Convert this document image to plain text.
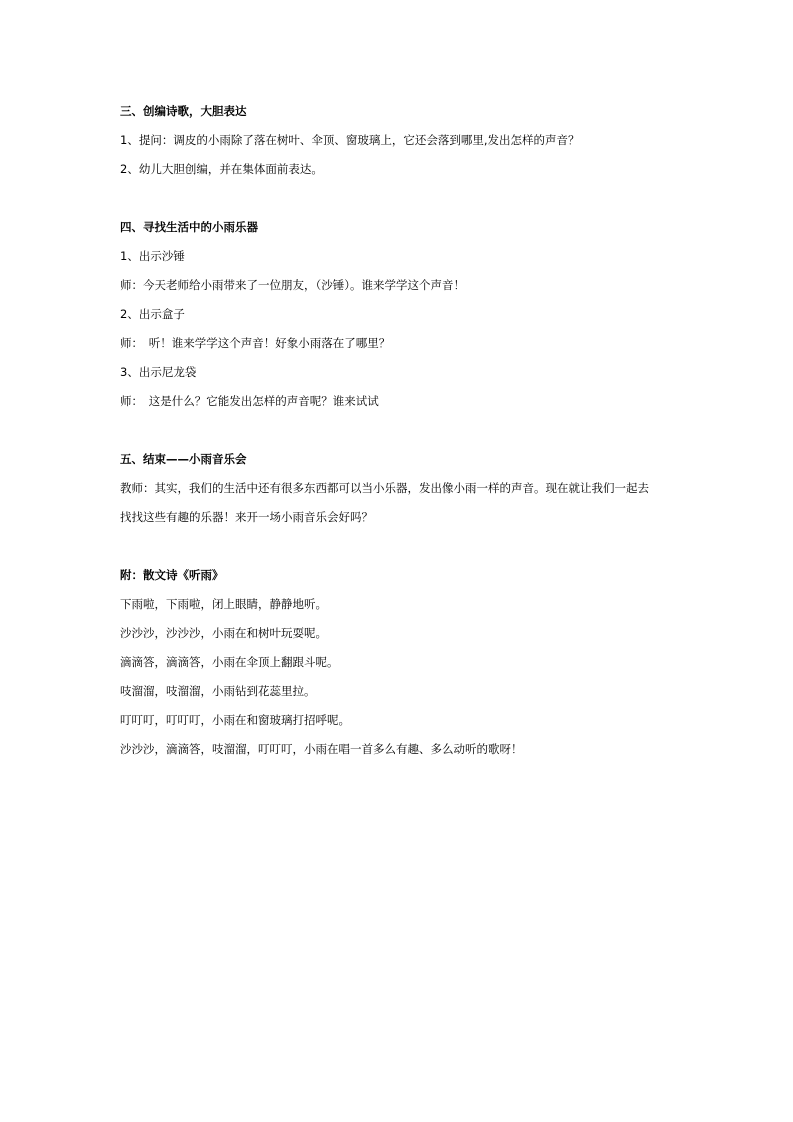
三、创编诗歌，大胆表达
1、提问：调皮的小雨除了落在树叶、伞顶、窗玻璃上，它还会落到哪里,发出怎样的声音？
2、幼儿大胆创编，并在集体面前表达。
四、寻找生活中的小雨乐器
1、出示沙锤
师：今天老师给小雨带来了一位朋友，（沙锤）。谁来学学这个声音！
2、出示盒子
师：　听！谁来学学这个声音！好象小雨落在了哪里？
3、出示尼龙袋
师：　这是什么？它能发出怎样的声音呢？谁来试试
五、结束——小雨音乐会
教师：其实，我们的生活中还有很多东西都可以当小乐器，发出像小雨一样的声音。现在就让我们一起去
找找这些有趣的乐器！来开一场小雨音乐会好吗？
附：散文诗《听雨》
下雨啦，下雨啦，闭上眼睛，静静地听。
沙沙沙，沙沙沙，小雨在和树叶玩耍呢。
滴滴答，滴滴答，小雨在伞顶上翻跟斗呢。
吱溜溜，吱溜溜，小雨钻到花蕊里拉。
叮叮叮，叮叮叮，小雨在和窗玻璃打招呼呢。
沙沙沙，滴滴答，吱溜溜，叮叮叮，小雨在唱一首多么有趣、多么动听的歌呀！
